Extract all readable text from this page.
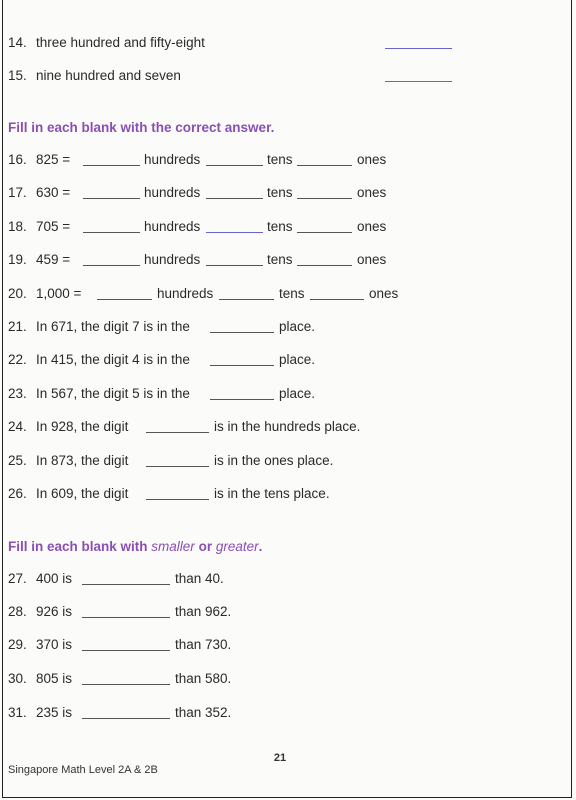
14. three hundred and fifty-eight
15. nine hundred and seven
Fill in each blank with the correct answer.
16. 825 =	hundreds	tens	ones
17. 630 =	hundreds	tens	ones
18. 705 =	hundreds	tens	ones
19. 459 =	hundreds	tens	ones
20. 1,000 =	hundreds	tens	ones
21. In 671, the digit 7 is in the	place.
22. In 415, the digit 4 is in the	place.
23. In 567, the digit 5 is in the	place.
24. In 928, the digit	is in the hundreds place.
25. In 873, the digit	is in the ones place.
26. In 609, the digit	is in the tens place.
Fill in each blank with smaller or greater.
27. 400 is	than 40.
28. 926 is	than 962.
29. 370 is	than 730.
30. 805 is	than 580.
31. 235 is	than 352.
21
Singapore Math Level 2A & 2B
